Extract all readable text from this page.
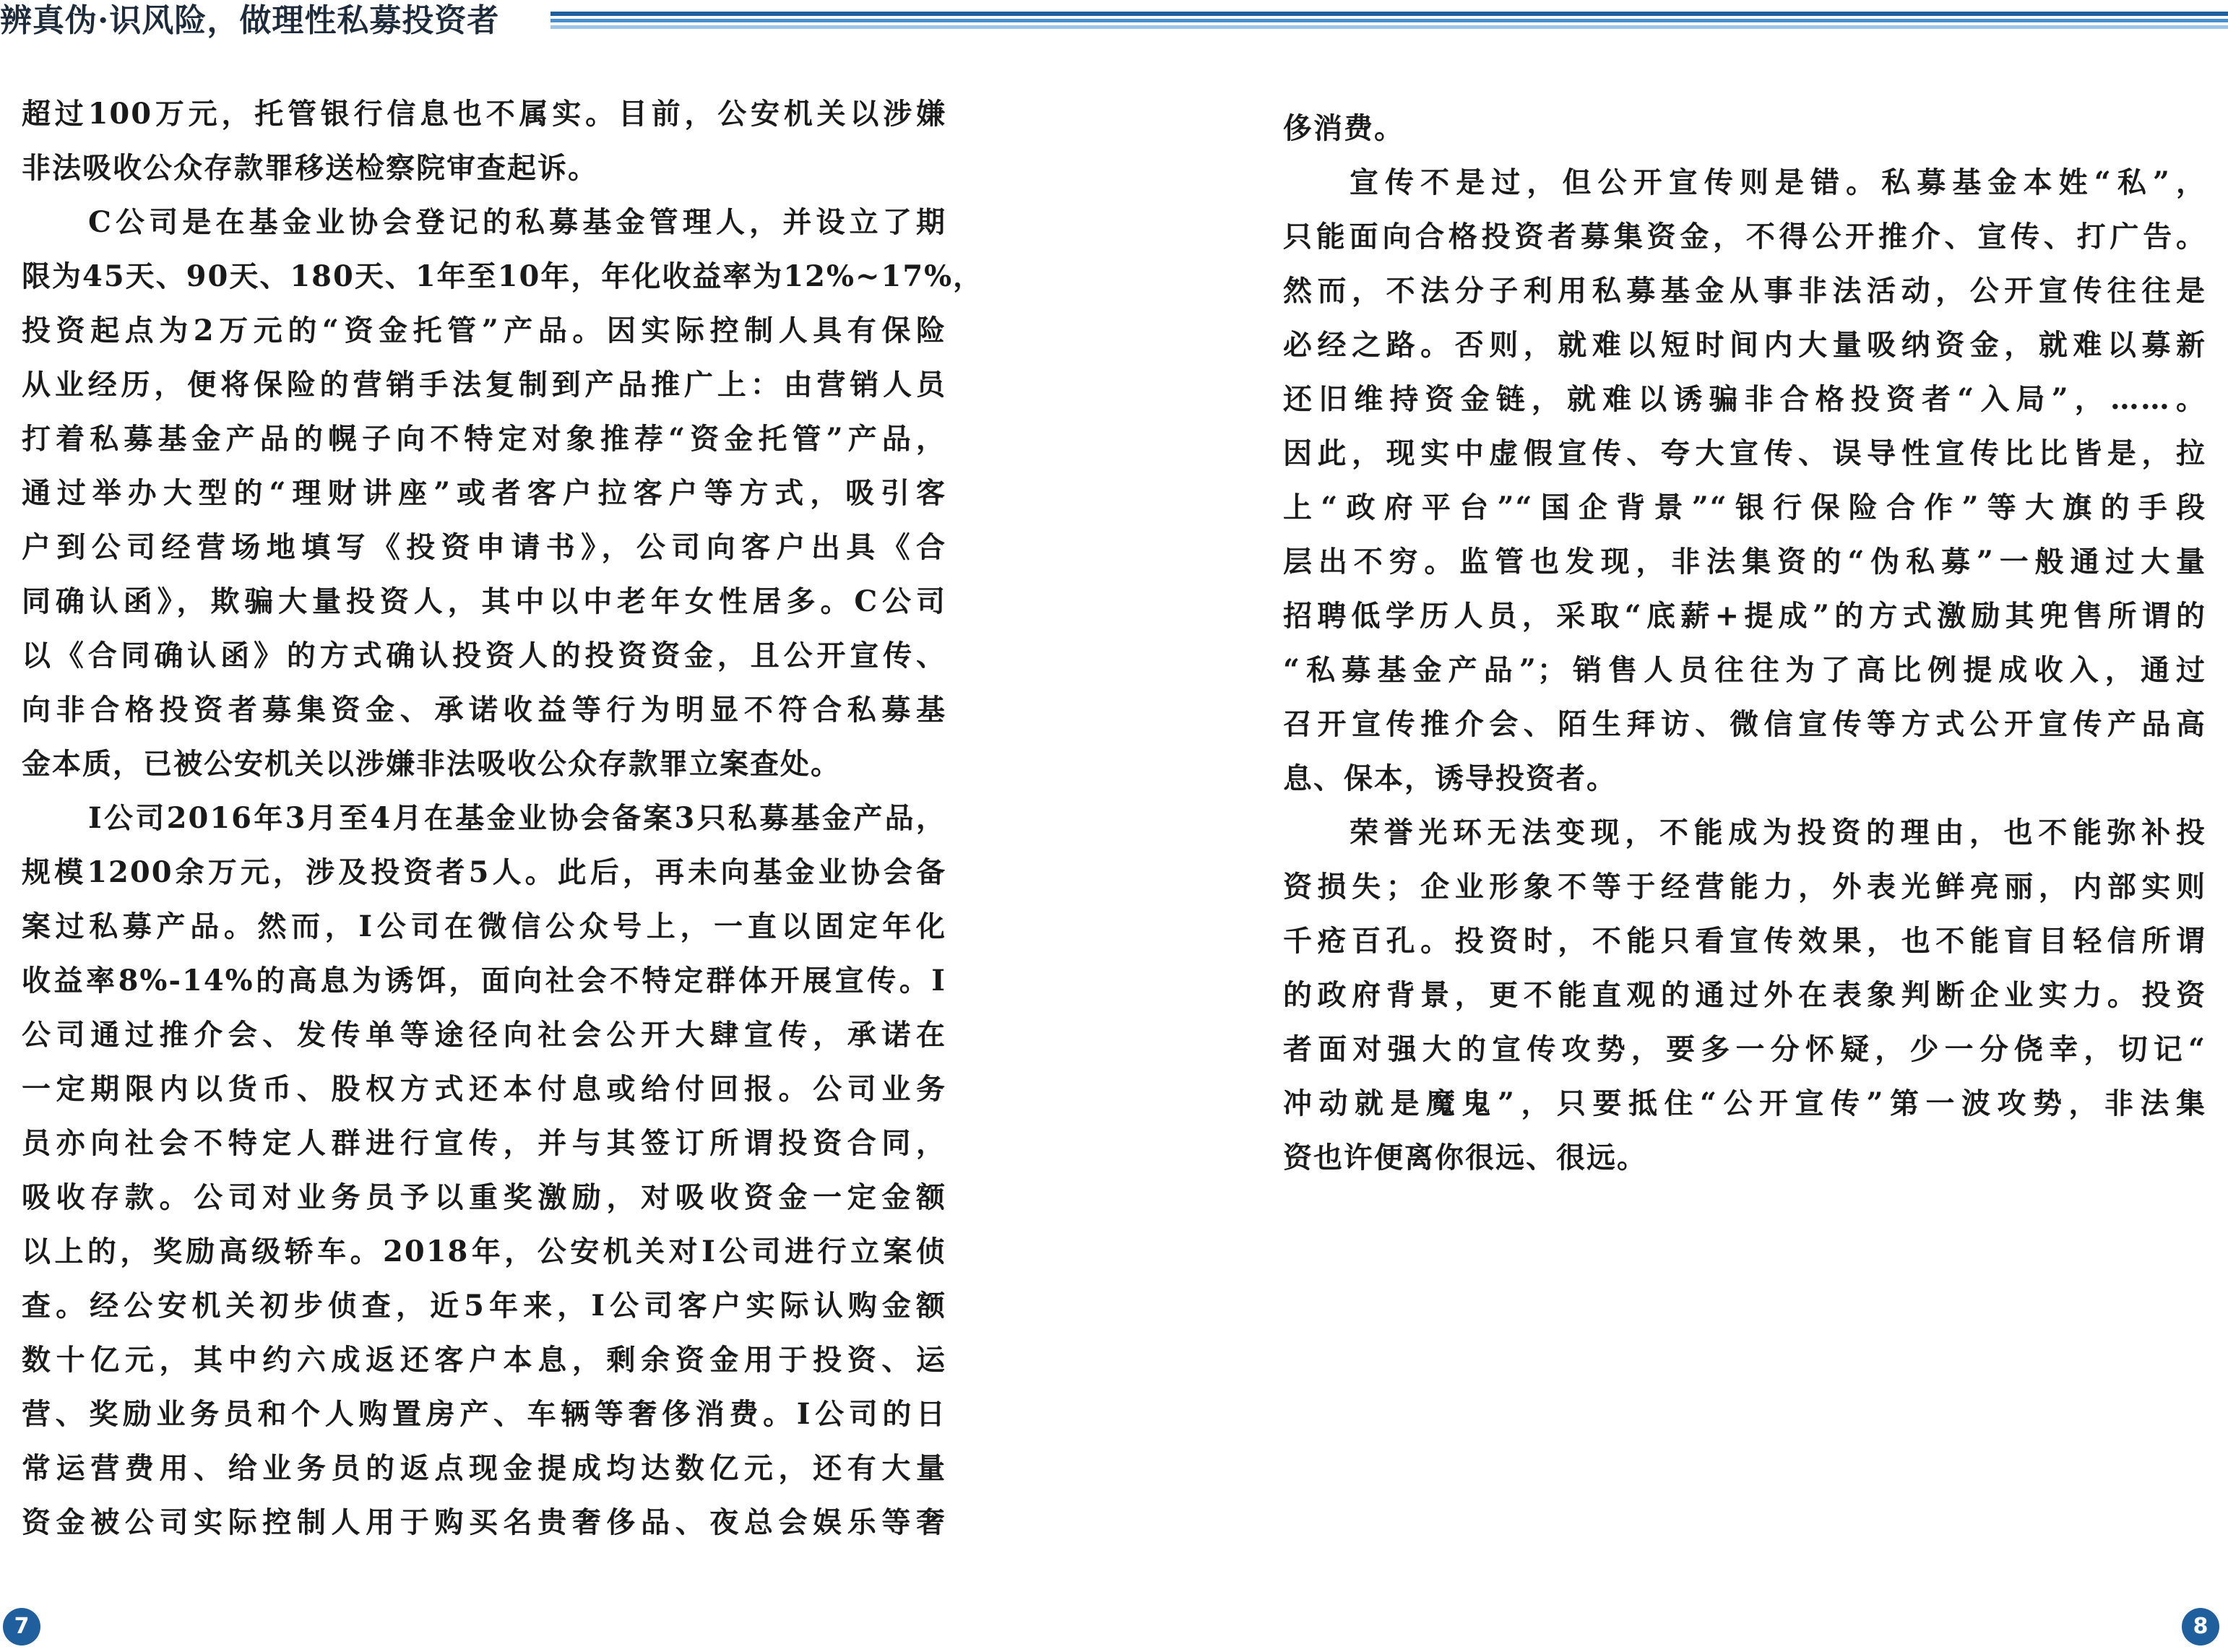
辨真伪·识风险，做理性私募投资者
超过100万元，托管银行信息也不属实。目前，公安机关以涉嫌
非法吸收公众存款罪移送检察院审查起诉。
C公司是在基金业协会登记的私募基金管理人，并设立了期
限为45天、90天、180天、1年至10年，年化收益率为12%~17%，
投资起点为2万元的“资金托管”产品。因实际控制人具有保险
从业经历，便将保险的营销手法复制到产品推广上：由营销人员
打着私募基金产品的幌子向不特定对象推荐“资金托管”产品，
通过举办大型的“理财讲座”或者客户拉客户等方式，吸引客
户到公司经营场地填写《投资申请书》，公司向客户出具《合
同确认函》，欺骗大量投资人，其中以中老年女性居多。C公司
以《合同确认函》的方式确认投资人的投资资金，且公开宣传、
向非合格投资者募集资金、承诺收益等行为明显不符合私募基
金本质，已被公安机关以涉嫌非法吸收公众存款罪立案查处。
I公司2016年3月至4月在基金业协会备案3只私募基金产品，
规模1200余万元，涉及投资者5人。此后，再未向基金业协会备
案过私募产品。然而，I公司在微信公众号上，一直以固定年化
收益率8%-14%的高息为诱饵，面向社会不特定群体开展宣传。I
公司通过推介会、发传单等途径向社会公开大肆宣传，承诺在
一定期限内以货币、股权方式还本付息或给付回报。公司业务
员亦向社会不特定人群进行宣传，并与其签订所谓投资合同，
吸收存款。公司对业务员予以重奖激励，对吸收资金一定金额
以上的，奖励高级轿车。2018年，公安机关对I公司进行立案侦
查。经公安机关初步侦查，近5年来，I公司客户实际认购金额
数十亿元，其中约六成返还客户本息，剩余资金用于投资、运
营、奖励业务员和个人购置房产、车辆等奢侈消费。I公司的日
常运营费用、给业务员的返点现金提成均达数亿元，还有大量
资金被公司实际控制人用于购买名贵奢侈品、夜总会娱乐等奢
侈消费。
宣传不是过，但公开宣传则是错。私募基金本姓“私”，
只能面向合格投资者募集资金，不得公开推介、宣传、打广告。
然而，不法分子利用私募基金从事非法活动，公开宣传往往是
必经之路。否则，就难以短时间内大量吸纳资金，就难以募新
还旧维持资金链，就难以诱骗非合格投资者“入局”，……。
因此，现实中虚假宣传、夸大宣传、误导性宣传比比皆是，拉
上“政府平台”“国企背景”“银行保险合作”等大旗的手段
层出不穷。监管也发现，非法集资的“伪私募”一般通过大量
招聘低学历人员，采取“底薪+提成”的方式激励其兜售所谓的
“私募基金产品”；销售人员往往为了高比例提成收入，通过
召开宣传推介会、陌生拜访、微信宣传等方式公开宣传产品高
息、保本，诱导投资者。
荣誉光环无法变现，不能成为投资的理由，也不能弥补投
资损失；企业形象不等于经营能力，外表光鲜亮丽，内部实则
千疮百孔。投资时，不能只看宣传效果，也不能盲目轻信所谓
的政府背景，更不能直观的通过外在表象判断企业实力。投资
者面对强大的宣传攻势，要多一分怀疑，少一分侥幸，切记“
冲动就是魔鬼”，只要抵住“公开宣传”第一波攻势，非法集
资也许便离你很远、很远。
7	8
